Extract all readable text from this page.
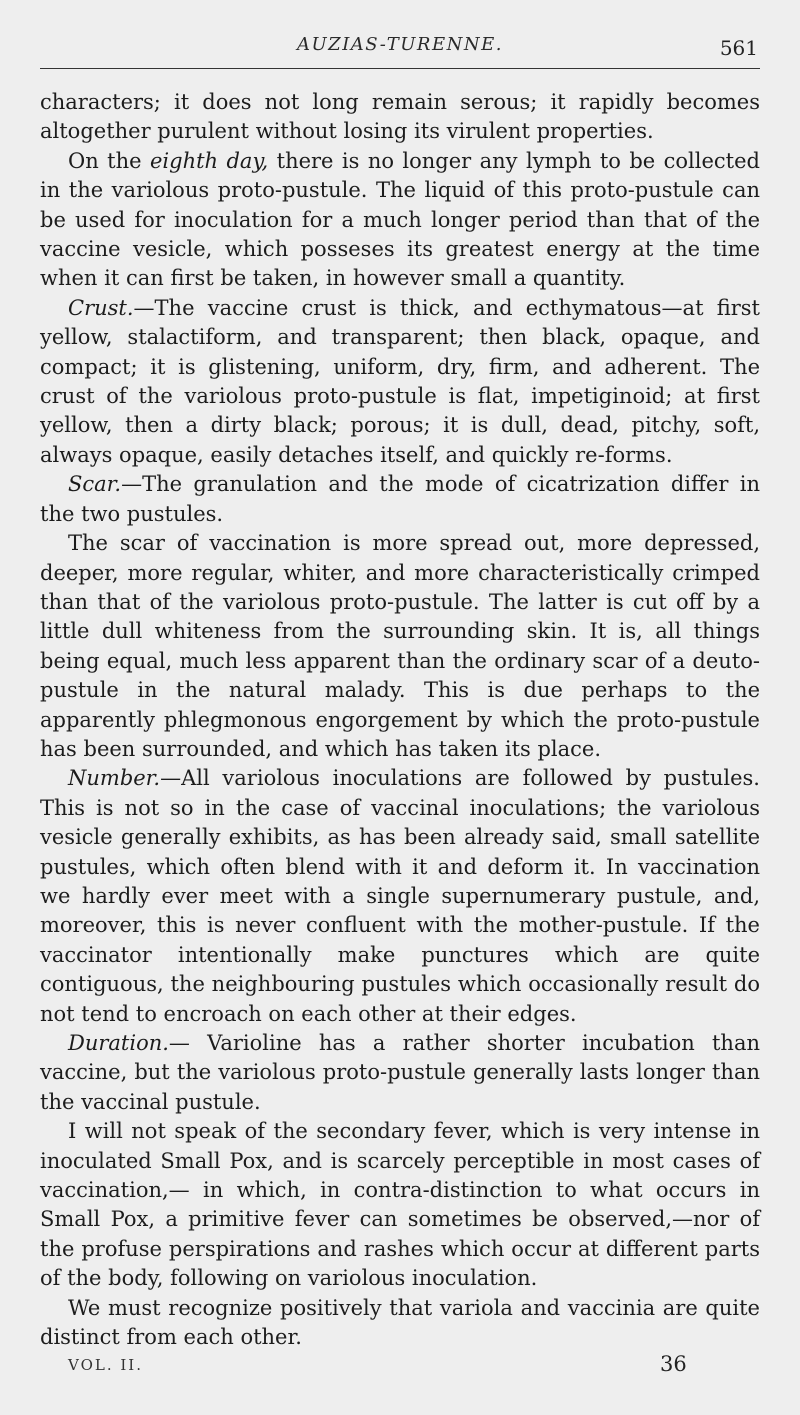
AUZIAS-TURENNE.	561

characters; it does not long remain serous; it rapidly becomes altogether purulent without losing its virulent properties.

On the eighth day, there is no longer any lymph to be collected in the variolous proto-pustule. The liquid of this proto-pustule can be used for inoculation for a much longer period than that of the vaccine vesicle, which posseses its greatest energy at the time when it can first be taken, in however small a quantity.

Crust.—The vaccine crust is thick, and ecthymatous—at first yellow, stalactiform, and transparent; then black, opaque, and compact; it is glistening, uniform, dry, firm, and adherent. The crust of the variolous proto-pustule is flat, impetiginoid; at first yellow, then a dirty black; porous; it is dull, dead, pitchy, soft, always opaque, easily detaches itself, and quickly re-forms.

Scar.—The granulation and the mode of cicatrization differ in the two pustules.

The scar of vaccination is more spread out, more depressed, deeper, more regular, whiter, and more characteristically crimped than that of the variolous proto-pustule. The latter is cut off by a little dull whiteness from the surrounding skin. It is, all things being equal, much less apparent than the ordinary scar of a deuto-pustule in the natural malady. This is due perhaps to the apparently phlegmonous engorgement by which the proto-pustule has been surrounded, and which has taken its place.

Number.—All variolous inoculations are followed by pustules. This is not so in the case of vaccinal inoculations; the variolous vesicle generally exhibits, as has been already said, small satellite pustules, which often blend with it and deform it. In vaccination we hardly ever meet with a single supernumerary pustule, and, moreover, this is never confluent with the mother-pustule. If the vaccinator intentionally make punctures which are quite contiguous, the neighbouring pustules which occasionally result do not tend to encroach on each other at their edges.

Duration.— Varioline has a rather shorter incubation than vaccine, but the variolous proto-pustule generally lasts longer than the vaccinal pustule.

I will not speak of the secondary fever, which is very intense in inoculated Small Pox, and is scarcely perceptible in most cases of vaccination,— in which, in contra-distinction to what occurs in Small Pox, a primitive fever can sometimes be observed,—nor of the profuse perspirations and rashes which occur at different parts of the body, following on variolous inoculation.

We must recognize positively that variola and vaccinia are quite distinct from each other.

VOL. II.	36
